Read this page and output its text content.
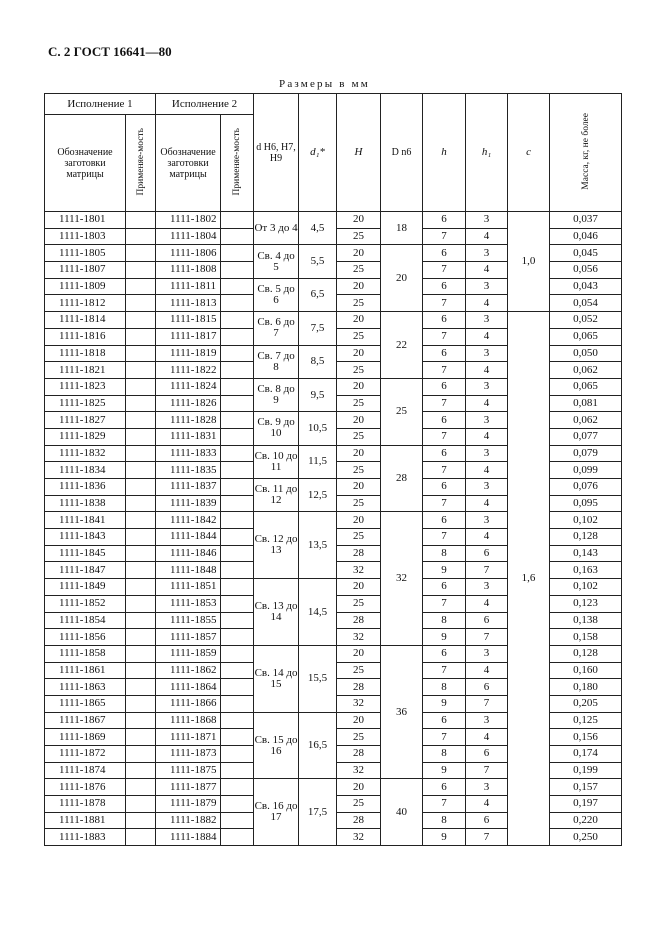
С. 2 ГОСТ 16641—80
Размеры в мм
Исполнение 1		Исполнение 2		d Н6, Н7, Н9	d₁*	H	D n6	h	h₁	c	Масса, кг, не более
Обозначение заготовки матрицы	Применяе-мость	Обозначение заготовки матрицы	Применяе-мость								
1111-1801		1111-1802		От 3 до 4	4,5	20	18	6	3	1,0	0,037
1111-1803		1111-1804				25		7	4		0,046
1111-1805		1111-1806		Св. 4 до 5	5,5	20	20	6	3		0,045
1111-1807		1111-1808				25		7	4		0,056
1111-1809		1111-1811		Св. 5 до 6	6,5	20		6	3		0,043
1111-1812		1111-1813				25		7	4		0,054
1111-1814		1111-1815		Св. 6 до 7	7,5	20	22	6	3	1,6	0,052
1111-1816		1111-1817				25		7	4		0,065
1111-1818		1111-1819		Св. 7 до 8	8,5	20		6	3		0,050
1111-1821		1111-1822				25		7	4		0,062
1111-1823		1111-1824		Св. 8 до 9	9,5	20	25	6	3		0,065
1111-1825		1111-1826				25		7	4		0,081
1111-1827		1111-1828		Св. 9 до 10	10,5	20		6	3		0,062
1111-1829		1111-1831				25		7	4		0,077
1111-1832		1111-1833		Св. 10 до 11	11,5	20	28	6	3		0,079
1111-1834		1111-1835				25		7	4		0,099
1111-1836		1111-1837		Св. 11 до 12	12,5	20		6	3		0,076
1111-1838		1111-1839				25		7	4		0,095
1111-1841		1111-1842		Св. 12 до 13	13,5	20	32	6	3		0,102
1111-1843		1111-1844				25		7	4		0,128
1111-1845		1111-1846				28		8	6		0,143
1111-1847		1111-1848				32		9	7		0,163
1111-1849		1111-1851		Св. 13 до 14	14,5	20		6	3		0,102
1111-1852		1111-1853				25		7	4		0,123
1111-1854		1111-1855				28		8	6		0,138
1111-1856		1111-1857				32		9	7		0,158
1111-1858		1111-1859		Св. 14 до 15	15,5	20	36	6	3		0,128
1111-1861		1111-1862				25		7	4		0,160
1111-1863		1111-1864				28		8	6		0,180
1111-1865		1111-1866				32		9	7		0,205
1111-1867		1111-1868		Св. 15 до 16	16,5	20		6	3		0,125
1111-1869		1111-1871				25		7	4		0,156
1111-1872		1111-1873				28		8	6		0,174
1111-1874		1111-1875				32		9	7		0,199
1111-1876		1111-1877		Св. 16 до 17	17,5	20	40	6	3		0,157
1111-1878		1111-1879				25		7	4		0,197
1111-1881		1111-1882				28		8	6		0,220
1111-1883		1111-1884				32		9	7		0,250
